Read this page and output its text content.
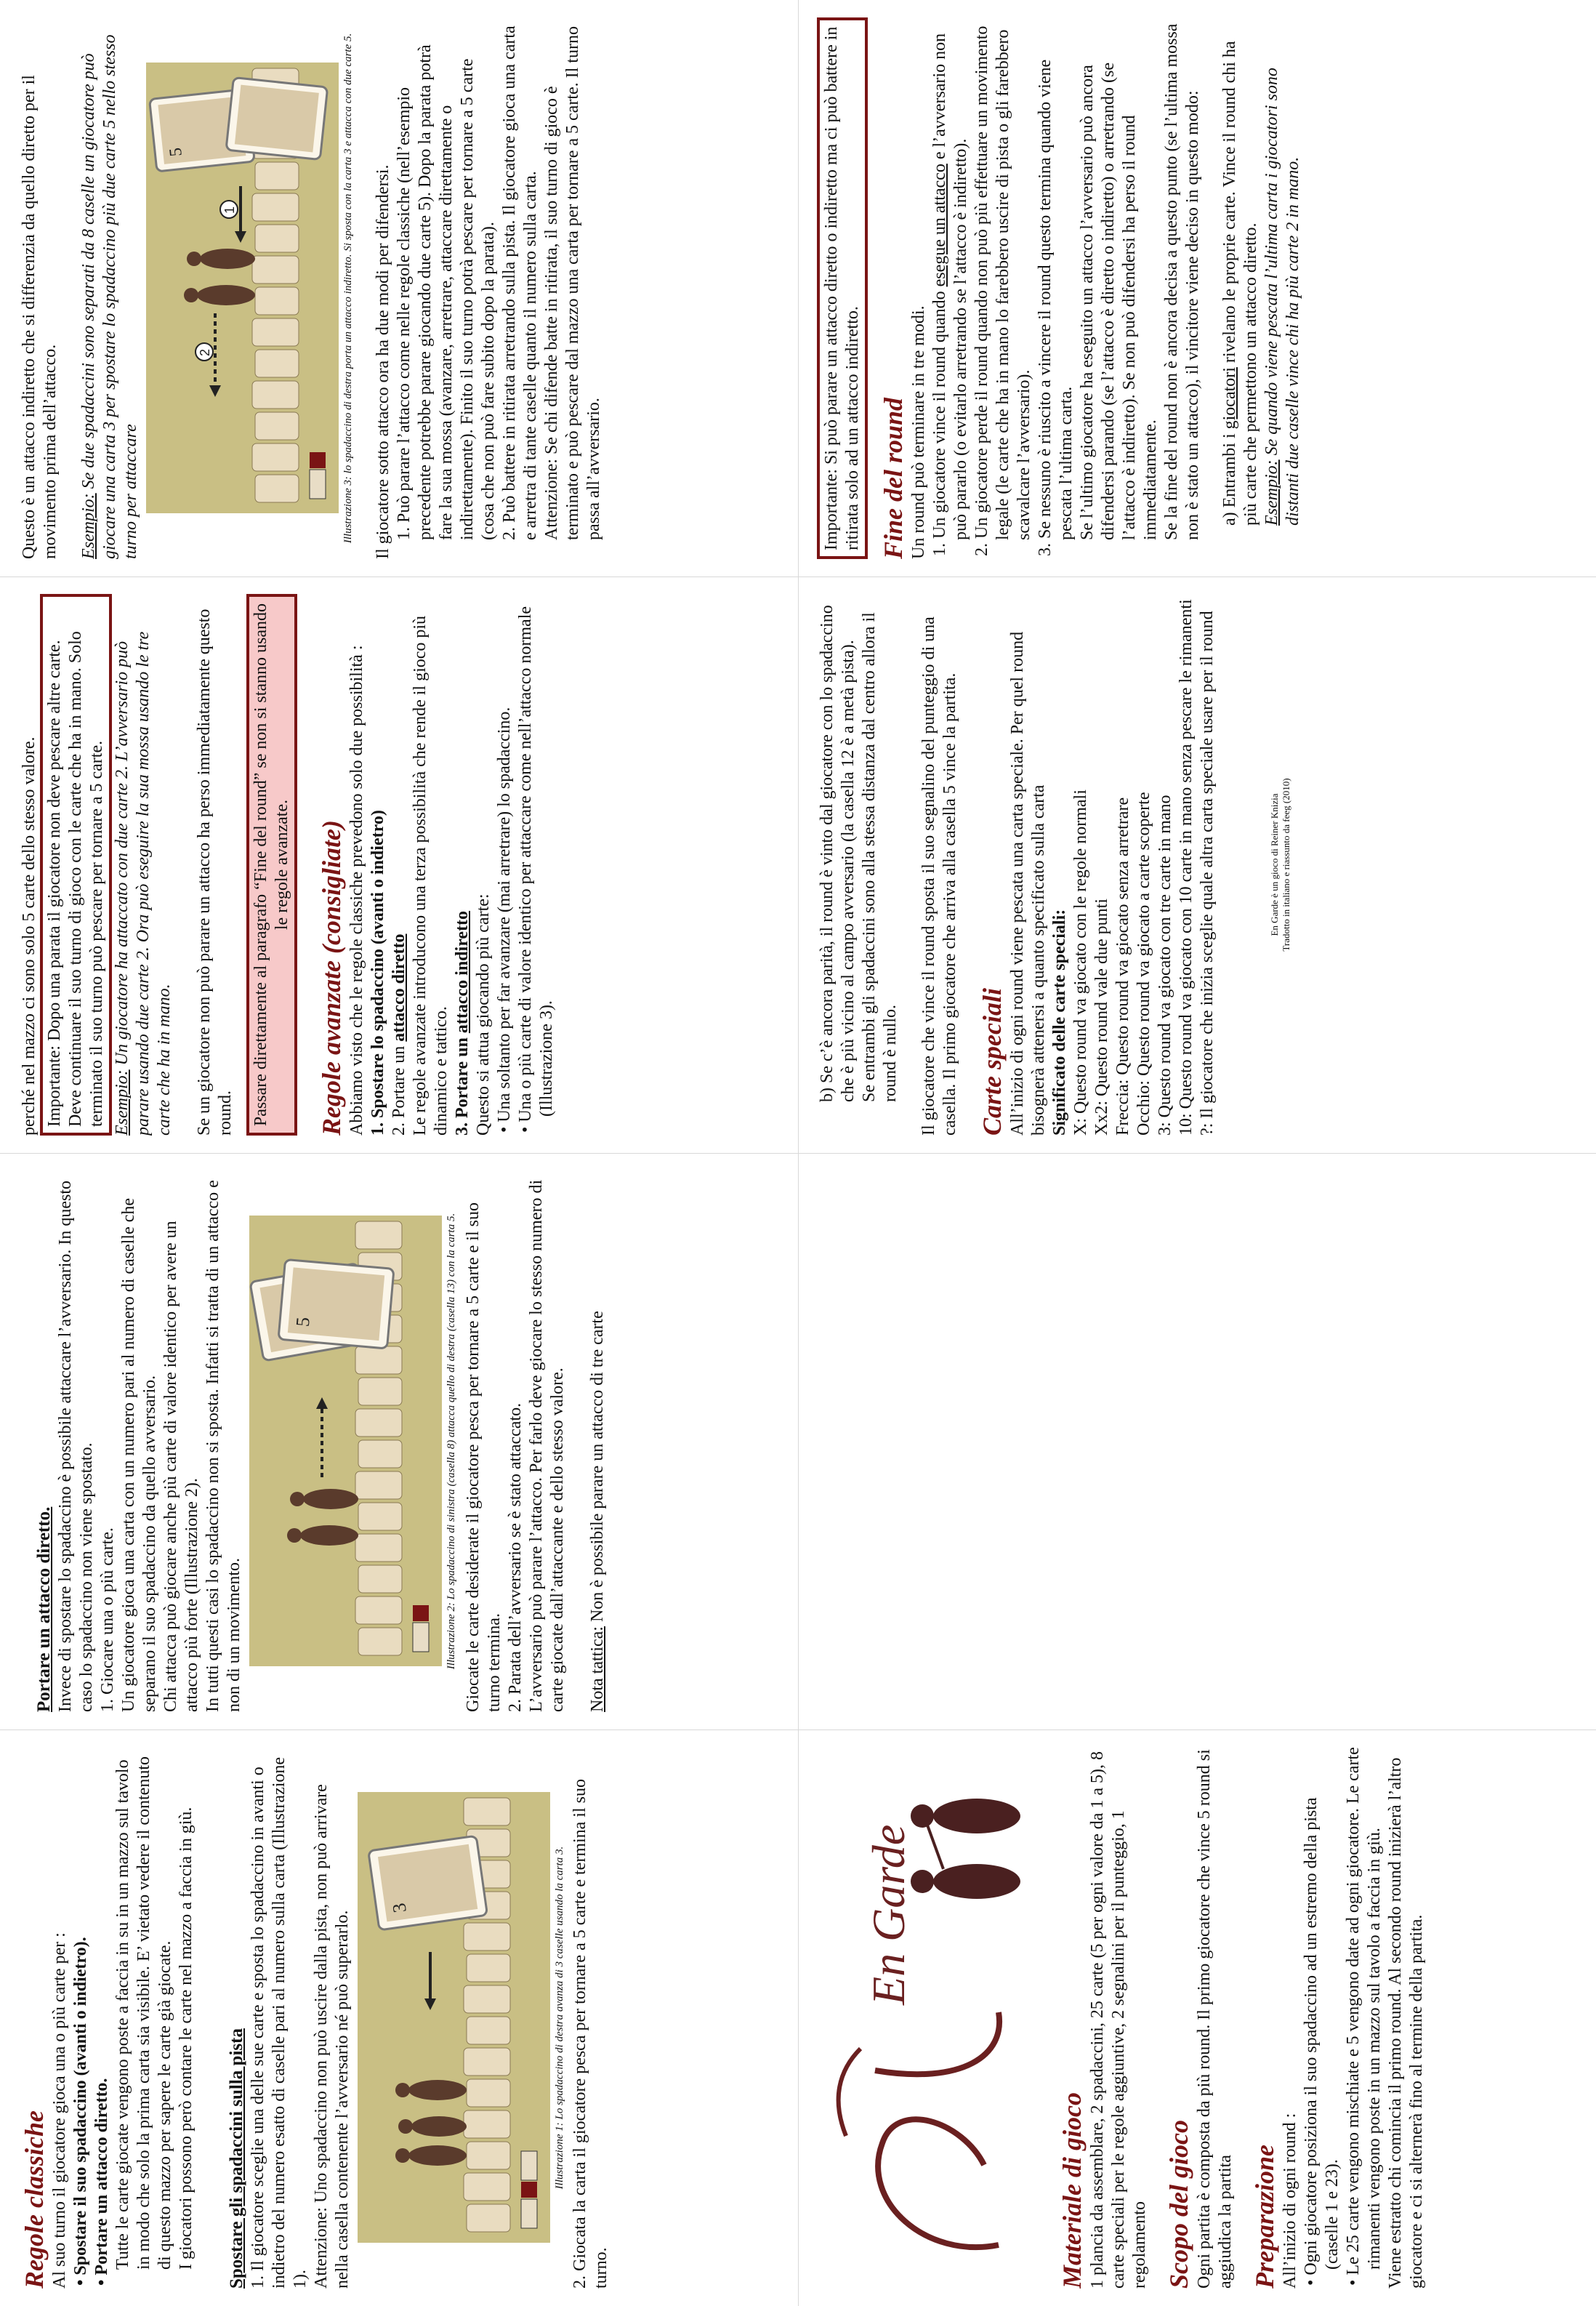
Regole classiche Al suo turno il giocatore gioca una o più carte per : • Spostare il suo spadaccino (avanti o indietro).

• Portare un attacco diretto. Tutte le carte giocate vengono poste a faccia in su in un mazzo sul tavolo in modo che solo la prima carta sia visibile. E’ vietato vedere il contenuto di questo mazzo per sapere le carte già giocate. I giocatori possono però contare le carte nel mazzo a faccia in giù. Spostare gli spadaccini sulla pista 1. Il giocatore sceglie una delle sue carte e sposta lo spadaccino in avanti o indietro del numero esatto di caselle pari al numero sulla carta (Illustrazione 1). Attenzione: Uno spadaccino non può uscire dalla pista, non può arrivare nella casella contenente l’avversario né può superarlo.

3	Illustrazione 1: Lo spadaccino di destra avanza di 3 caselle usando la carta 3. 2. Giocata la carta il giocatore pesca per tornare a 5 carte e termina il suo turno.

Portare un attacco diretto. Invece di spostare lo spadaccino è possibile attaccare l’avversario. In questo caso lo spadaccino non viene spostato. 1. Giocare una o più carte. Un giocatore gioca una carta con un numero pari al numero di caselle che separano il suo spadaccino da quello avversario. Chi attacca può giocare anche più carte di valore identico per avere un attacco più forte (Illustrazione 2). In tutti questi casi lo spadaccino non si sposta. Infatti si tratta di un attacco e non di un movimento.

5	Illustrazione 2: Lo spadaccino di sinistra (casella 8) attacca quello di destra (casella 13) con la carta 5. Giocate le carte desiderate il giocatore pesca per tornare a 5 carte e il suo turno termina. 2. Parata dell’avversario se è stato attaccato. L’avversario può parare l’attacco. Per farlo deve giocare lo stesso numero di carte giocate dall’attaccante e dello stesso valore. Nota tattica: Non è possibile parare un attacco di tre carte

perché nel mazzo ci sono solo 5 carte dello stesso valore. Importante: Dopo una parata il giocatore non deve pescare altre carte. Deve continuare il suo turno di gioco con le carte che ha in mano. Solo terminato il suo turno può pescare per tornare a 5 carte. Esempio: Un giocatore ha attaccato con due carte 2. L’avversario può parare usando due carte 2. Ora può eseguire la sua mossa usando le tre carte che ha in mano. Se un giocatore non può parare un attacco ha perso immediatamente questo round. Passare direttamente al paragrafo “Fine del round” se non si stanno usando le regole avanzate. Regole avanzate (consigliate) Abbiamo visto che le regole classiche prevedono solo due possibilità : 1. Spostare lo spadaccino (avanti o indietro) 2. Portare un attacco diretto Le regole avanzate introducono una terza possibilità che rende il gioco più dinamico e tattico. 3. Portare un attacco indiretto Questo si attua giocando più carte: • Una soltanto per far avanzare (mai arretrare) lo spadaccino.

• Una o più carte di valore identico per attaccare come nell’attacco normale (Illustrazione 3).

Questo è un attacco indiretto che si differenzia da quello diretto per il movimento prima dell’attacco. Esempio: Se due spadaccini sono separati da 8 caselle un giocatore può giocare una carta 3 per spostare lo spadaccino più due carte 5 nello stesso turno per attaccare

2
1
5	Illustrazione 3: lo spadaccino di destra porta un attacco indiretto. Si sposta con la carta 3 e attacca con due carte 5. Il giocatore sotto attacco ora ha due modi per difendersi. 1. Può parare l’attacco come nelle regole classiche (nell’esempio precedente potrebbe parare giocando due carte 5). Dopo la parata potrà fare la sua mossa (avanzare, arretrare, attaccare direttamente o indirettamente). Finito il suo turno potrà pescare per tornare a 5 carte (cosa che non può fare subito dopo la parata). 2. Può battere in ritirata arretrando sulla pista. Il giocatore gioca una carta e arretra di tante caselle quanto il numero sulla carta. Attenzione: Se chi difende batte in ritirata, il suo turno di gioco è terminato e può pescare dal mazzo una carta per tornare a 5 carte. Il turno passa all’avversario.

En Garde

Materiale di gioco 1 plancia da assemblare, 2 spadaccini, 25 carte (5 per ogni valore da 1 a 5), 8 carte speciali per le regole aggiuntive, 2 segnalini per il punteggio, 1 regolamento Scopo del gioco Ogni partita è composta da più round. Il primo giocatore che vince 5 round si aggiudica la partita Preparazione All’inizio di ogni round : • Ogni giocatore posiziona il suo spadaccino ad un estremo della pista (caselle 1 e 23).

• Le 25 carte vengono mischiate e 5 vengono date ad ogni giocatore. Le carte rimanenti vengono poste in un mazzo sul tavolo a faccia in giù. Viene estratto chi comincia il primo round. Al secondo round inizierà l’altro giocatore e ci si alternerà fino al termine della partita.

b) Se c’è ancora parità, il round è vinto dal giocatore con lo spadaccino che è più vicino al campo avversario (la casella 12 è a metà pista). Se entrambi gli spadaccini sono alla stessa distanza dal centro allora il round è nullo. Il giocatore che vince il round sposta il suo segnalino del punteggio di una casella. Il primo giocatore che arriva alla casella 5 vince la partita. Carte speciali All’inizio di ogni round viene pescata una carta speciale. Per quel round bisognerà attenersi a quanto specificato sulla carta Significato delle carte speciali: X: Questo round va giocato con le regole normali Xx2: Questo round vale due punti Freccia: Questo round va giocato senza arretrare Occhio: Questo round va giocato a carte scoperte 3: Questo round va giocato con tre carte in mano 10: Questo round va giocato con 10 carte in mano senza pescare le rimanenti ?: Il giocatore che inizia sceglie quale altra carta speciale usare per il round	En Garde è un gioco di Reiner Knizia Tradotto in italiano e riassunto da feeg (2010)

Importante: Si può parare un attacco diretto o indiretto ma ci può battere in ritirata solo ad un attacco indiretto. Fine del round Un round può terminare in tre modi. 1. Un giocatore vince il round quando esegue un attacco e l’avversario non può pararlo (o evitarlo arretrando se l’attacco è indiretto). 2. Un giocatore perde il round quando non può più effettuare un movimento legale (le carte che ha in mano lo farebbero uscire di pista o gli farebbero scavalcare l’avversario). 3. Se nessuno è riuscito a vincere il round questo termina quando viene pescata l’ultima carta. Se l’ultimo giocatore ha eseguito un attacco l’avversario può ancora difendersi parando (se l’attacco è diretto o indiretto) o arretrando (se l’attacco è indiretto). Se non può difendersi ha perso il round immediatamente. Se la fine del round non è ancora decisa a questo punto (se l’ultima mossa non è stato un attacco), il vincitore viene deciso in questo modo: a) Entrambi i giocatori rivelano le proprie carte. Vince il round chi ha più carte che permettono un attacco diretto. Esempio: Se quando viene pescata l’ultima carta i giocatori sono distanti due caselle vince chi ha più carte 2 in mano.
